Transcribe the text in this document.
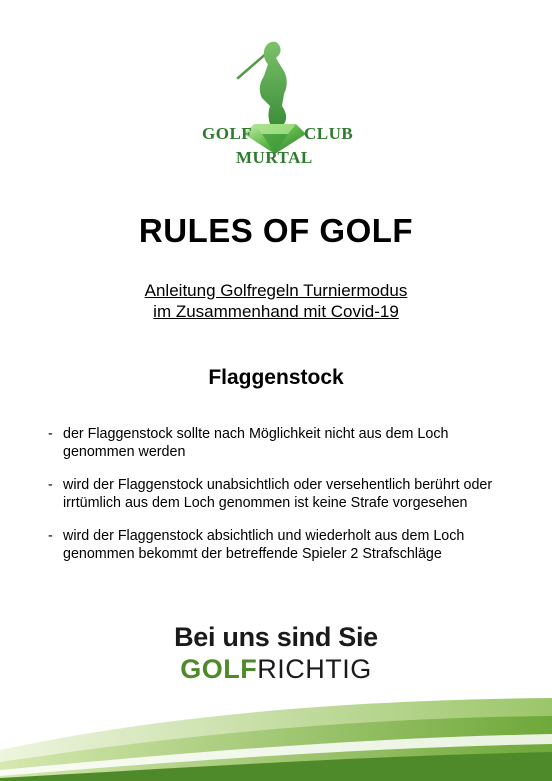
GOLF	CLUB
MURTAL
RULES OF GOLF
Anleitung Golfregeln Turniermodus
im Zusammenhand mit Covid-19
Flaggenstock
- der Flaggenstock sollte nach Möglichkeit nicht aus dem Loch genommen werden
- wird der Flaggenstock unabsichtlich oder versehentlich berührt oder irrtümlich aus dem Loch genommen ist keine Strafe vorgesehen
- wird der Flaggenstock absichtlich und wiederholt aus dem Loch genommen bekommt der betreffende Spieler 2 Strafschläge
Bei uns sind Sie
GOLFRICHTIG
